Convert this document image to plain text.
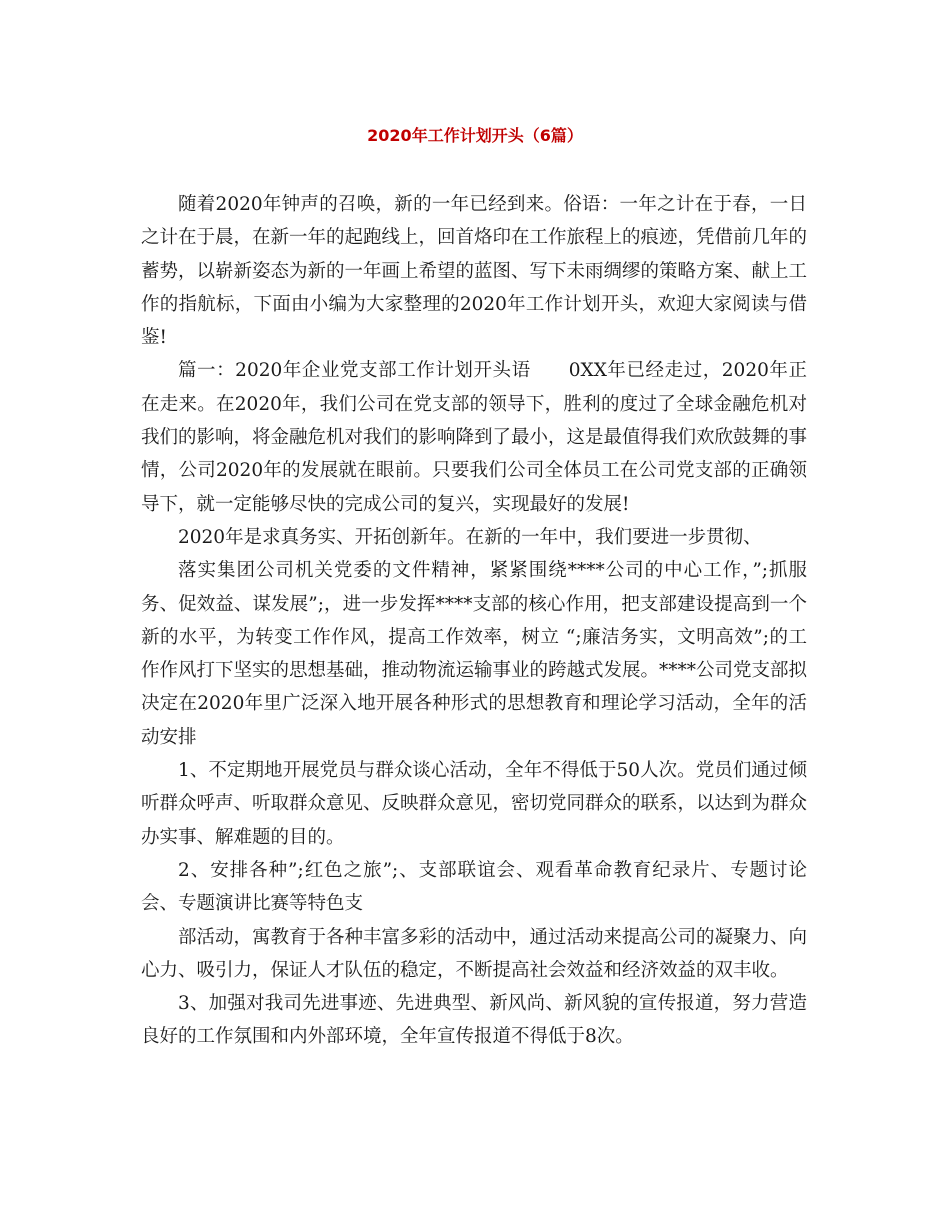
2020年工作计划开头（6篇）

随着2020年钟声的召唤，新的一年已经到来。俗语：一年之计在于春，一日之计在于晨，在新一年的起跑线上，回首烙印在工作旅程上的痕迹，凭借前几年的蓄势，以崭新姿态为新的一年画上希望的蓝图、写下未雨绸缪的策略方案、献上工作的指航标，下面由小编为大家整理的2020年工作计划开头，欢迎大家阅读与借鉴!

篇一：2020年企业党支部工作计划开头语　　0XX年已经走过，2020年正在走来。在2020年，我们公司在党支部的领导下，胜利的度过了全球金融危机对我们的影响，将金融危机对我们的影响降到了最小，这是最值得我们欢欣鼓舞的事情，公司2020年的发展就在眼前。只要我们公司全体员工在公司党支部的正确领导下，就一定能够尽快的完成公司的复兴，实现最好的发展!

2020年是求真务实、开拓创新年。在新的一年中，我们要进一步贯彻、

落实集团公司机关党委的文件精神，紧紧围绕****公司的中心工作，”;抓服务、促效益、谋发展”;，进一步发挥****支部的核心作用，把支部建设提高到一个新的水平，为转变工作作风，提高工作效率，树立 “;廉洁务实，文明高效”;的工作作风打下坚实的思想基础，推动物流运输事业的跨越式发展。****公司党支部拟决定在2020年里广泛深入地开展各种形式的思想教育和理论学习活动，全年的活动安排

1、不定期地开展党员与群众谈心活动，全年不得低于50人次。党员们通过倾听群众呼声、听取群众意见、反映群众意见，密切党同群众的联系，以达到为群众办实事、解难题的目的。

2、安排各种”;红色之旅”;、支部联谊会、观看革命教育纪录片、专题讨论会、专题演讲比赛等特色支

部活动，寓教育于各种丰富多彩的活动中，通过活动来提高公司的凝聚力、向心力、吸引力，保证人才队伍的稳定，不断提高社会效益和经济效益的双丰收。

3、加强对我司先进事迹、先进典型、新风尚、新风貌的宣传报道，努力营造良好的工作氛围和内外部环境，全年宣传报道不得低于8次。
